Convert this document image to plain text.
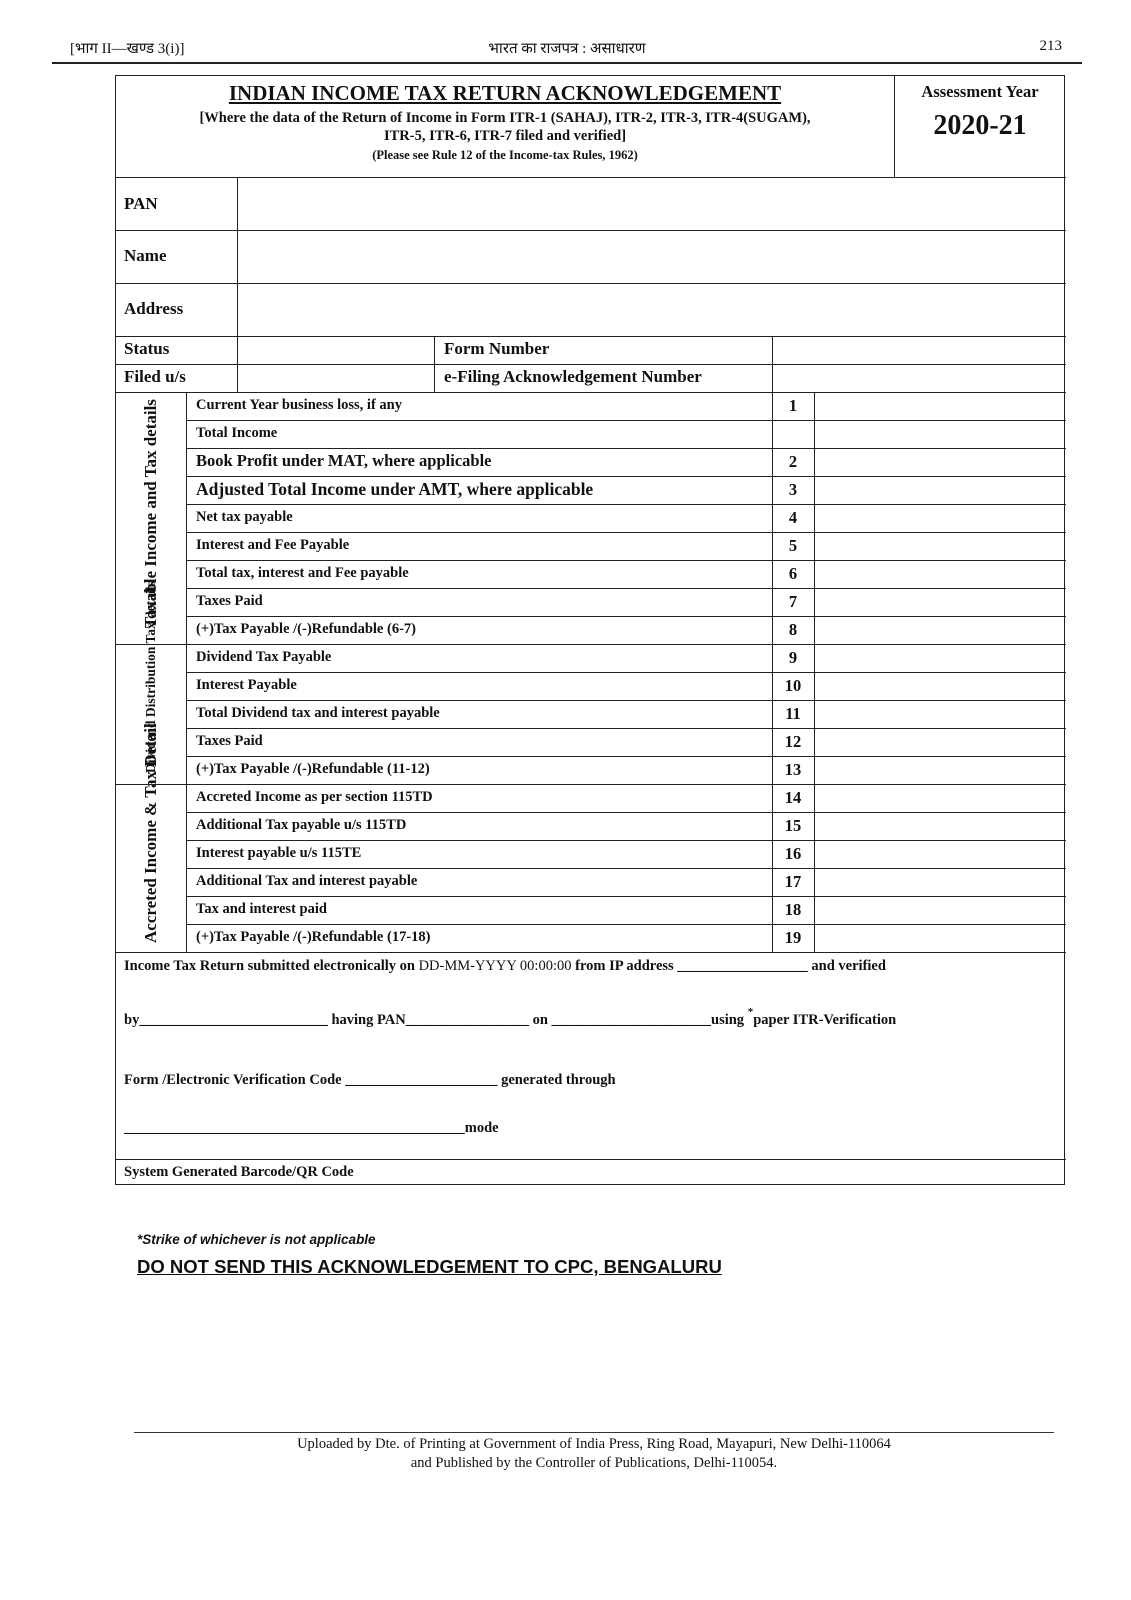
[भाग II—खण्ड 3(i)]	भारत का राजपत्र : असाधारण	213
INDIAN INCOME TAX RETURN ACKNOWLEDGEMENT
[Where the data of the Return of Income in Form ITR-1 (SAHAJ), ITR-2, ITR-3, ITR-4(SUGAM), ITR-5, ITR-6, ITR-7 filed and verified]
(Please see Rule 12 of the Income-tax Rules, 1962)
Assessment Year
2020-21
PAN
Name
Address
Status	Form Number
Filed u/s	e-Filing Acknowledgement Number
Taxable Income and Tax details
Dividend Distribution Tax details
Accreted Income & Tax Detail
Current Year business loss, if any	1
Total Income
Book Profit under MAT, where applicable	2
Adjusted Total Income under AMT, where applicable	3
Net tax payable	4
Interest and Fee Payable	5
Total tax, interest and Fee payable	6
Taxes Paid	7
(+)Tax Payable /(-)Refundable (6-7)	8
Dividend Tax Payable	9
Interest Payable	10
Total Dividend tax and interest payable	11
Taxes Paid	12
(+)Tax Payable /(-)Refundable (11-12)	13
Accreted Income as per section 115TD	14
Additional Tax payable u/s 115TD	15
Interest payable u/s 115TE	16
Additional Tax and interest payable	17
Tax and interest paid	18
(+)Tax Payable /(-)Refundable (17-18)	19
Income Tax Return submitted electronically on DD-MM-YYYY 00:00:00 from IP address __________________ and verified
by__________________________ having PAN_________________ on ______________________using *paper ITR-Verification
Form /Electronic Verification Code _____________________ generated through
_______________________________________________mode
System Generated Barcode/QR Code
*Strike of whichever is not applicable
DO NOT SEND THIS ACKNOWLEDGEMENT TO CPC, BENGALURU
Uploaded by Dte. of Printing at Government of India Press, Ring Road, Mayapuri, New Delhi-110064
and Published by the Controller of Publications, Delhi-110054.
